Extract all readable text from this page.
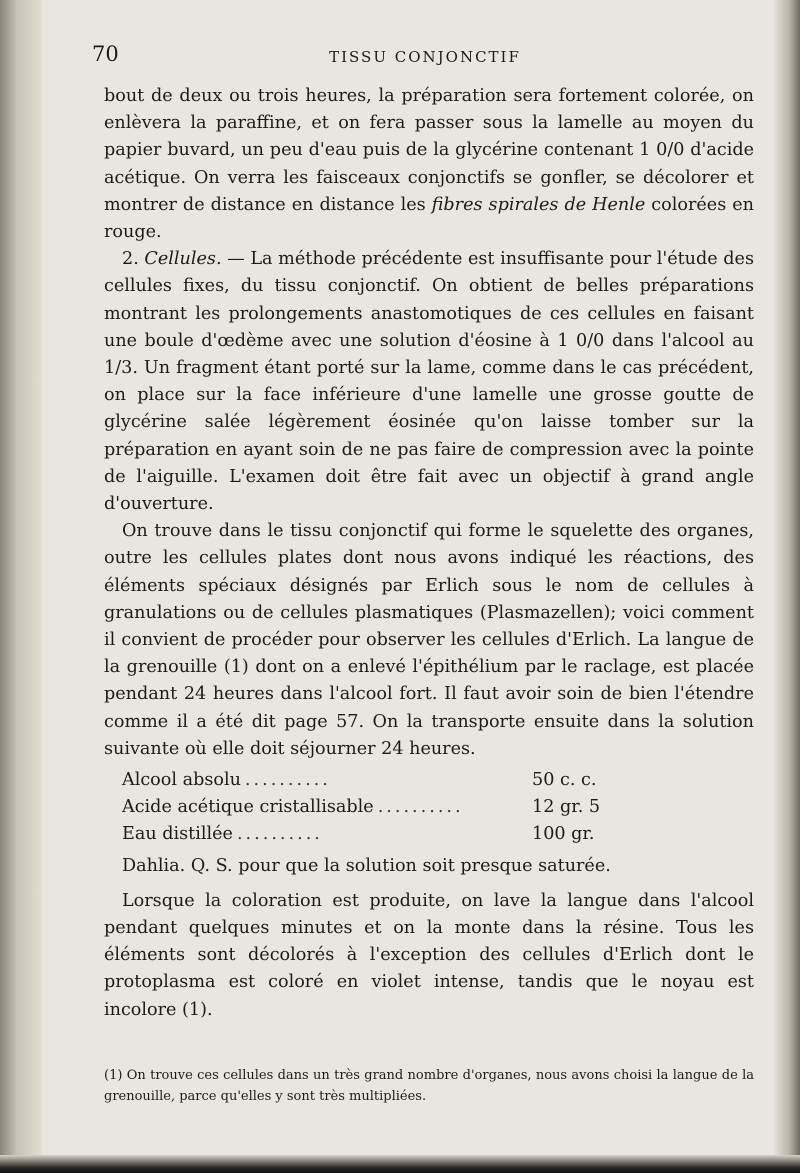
70	TISSU CONJONCTIF

bout de deux ou trois heures, la préparation sera fortement colorée, on enlèvera la paraffine, et on fera passer sous la lamelle au moyen du papier buvard, un peu d'eau puis de la glycérine contenant 1 0/0 d'acide acétique. On verra les faisceaux conjonctifs se gonfler, se décolorer et montrer de distance en distance les fibres spirales de Henle colorées en rouge.

2. Cellules. — La méthode précédente est insuffisante pour l'étude des cellules fixes, du tissu conjonctif. On obtient de belles préparations montrant les prolongements anastomotiques de ces cellules en faisant une boule d'œdème avec une solution d'éosine à 1 0/0 dans l'alcool au 1/3. Un fragment étant porté sur la lame, comme dans le cas précédent, on place sur la face inférieure d'une lamelle une grosse goutte de glycérine salée légèrement éosinée qu'on laisse tomber sur la préparation en ayant soin de ne pas faire de compression avec la pointe de l'aiguille. L'examen doit être fait avec un objectif à grand angle d'ouverture.

On trouve dans le tissu conjonctif qui forme le squelette des organes, outre les cellules plates dont nous avons indiqué les réactions, des éléments spéciaux désignés par Erlich sous le nom de cellules à granulations ou de cellules plasmatiques (Plasmazellen); voici comment il convient de procéder pour observer les cellules d'Erlich. La langue de la grenouille (1) dont on a enlevé l'épithélium par le raclage, est placée pendant 24 heures dans l'alcool fort. Il faut avoir soin de bien l'étendre comme il a été dit page 57. On la transporte ensuite dans la solution suivante où elle doit séjourner 24 heures.

Alcool absolu ..........	50 c. c.
Acide acétique cristallisable ..........	12 gr. 5
Eau distillée ..........	100 gr.

Dahlia. Q. S. pour que la solution soit presque saturée.

Lorsque la coloration est produite, on lave la langue dans l'alcool pendant quelques minutes et on la monte dans la résine. Tous les éléments sont décolorés à l'exception des cellules d'Erlich dont le protoplasma est coloré en violet intense, tandis que le noyau est incolore (1).

(1) On trouve ces cellules dans un très grand nombre d'organes, nous avons choisi la langue de la grenouille, parce qu'elles y sont très multipliées.
